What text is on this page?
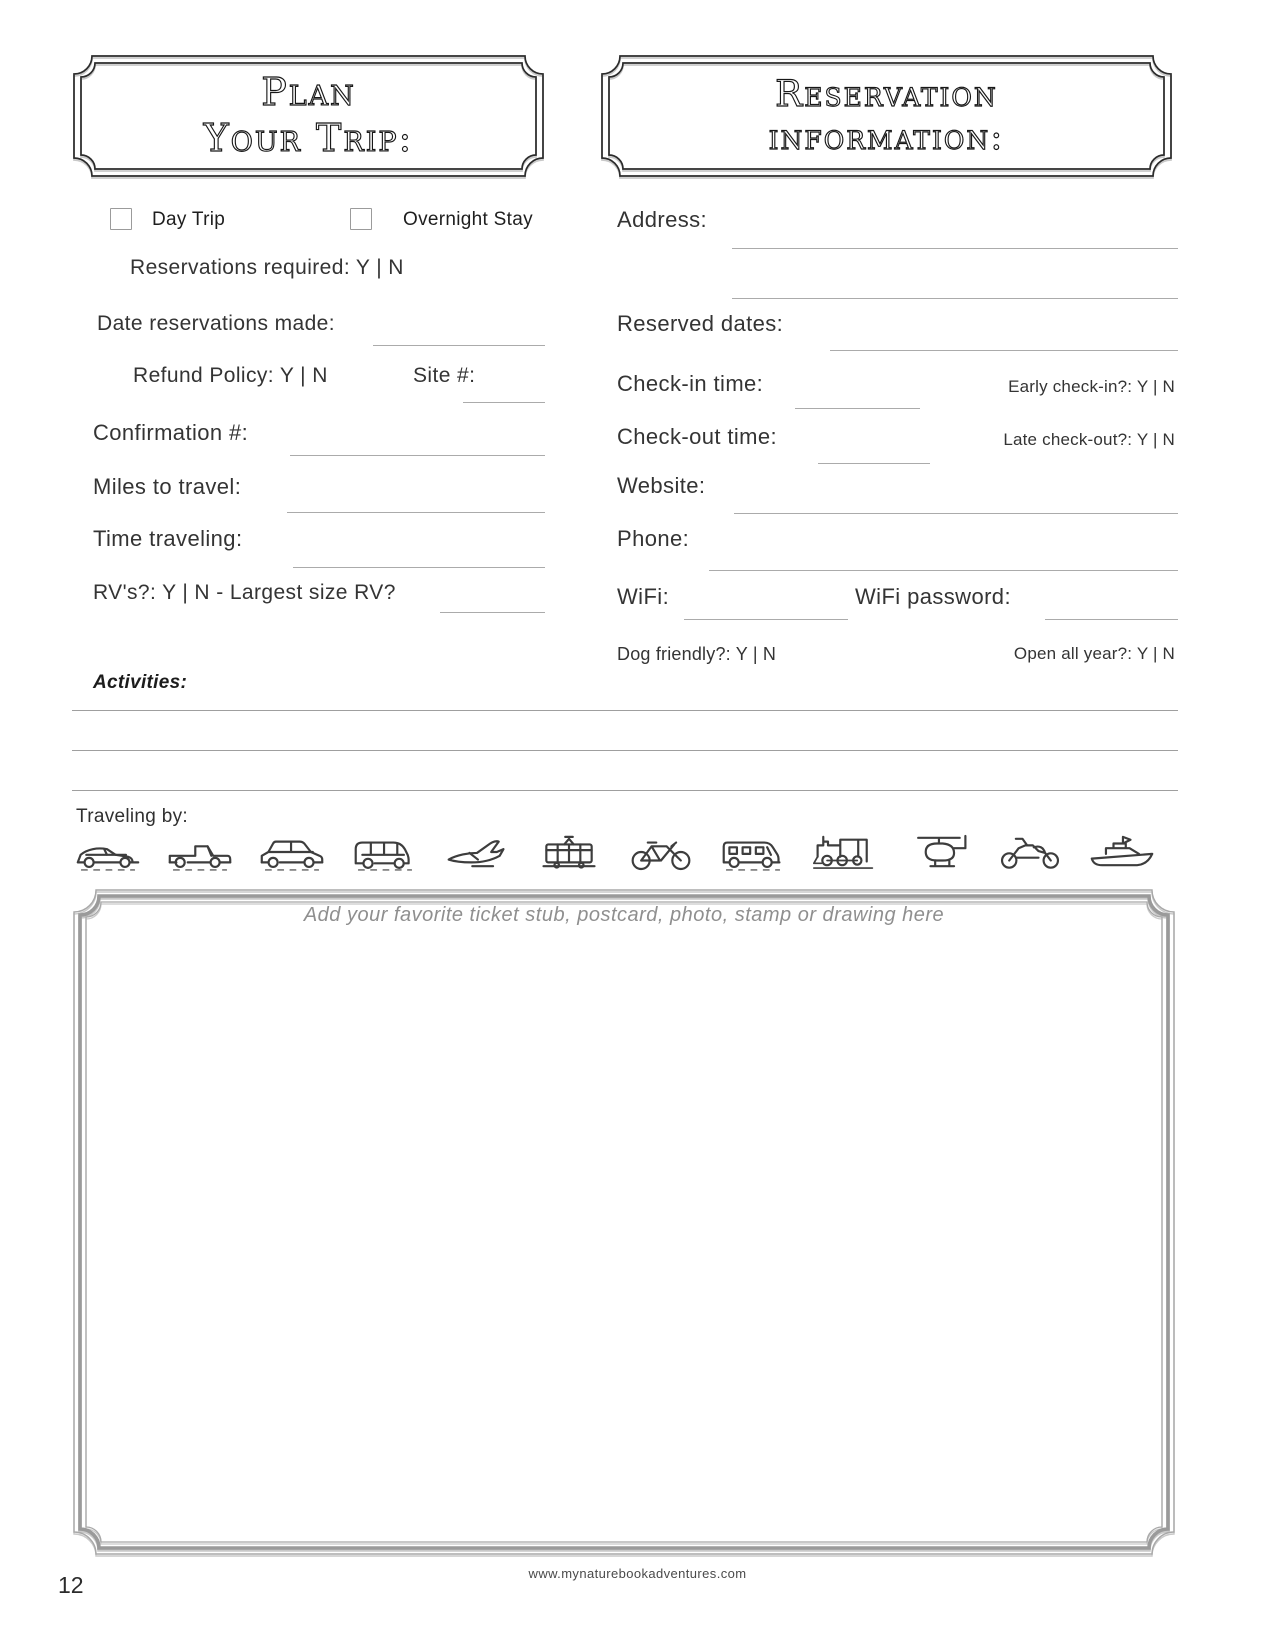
Plan
Your Trip:
Reservation
information:
Day Trip	Overnight Stay
Reservations required: Y | N
Date reservations made:
Refund Policy: Y | N	Site #:
Confirmation #:
Miles to travel:
Time traveling:
RV's?: Y | N - Largest size RV?
Activities:
Address:
Reserved dates:
Check-in time:	Early check-in?: Y | N
Check-out time:	Late check-out?: Y | N
Website:
Phone:
WiFi:	WiFi password:
Dog friendly?: Y | N	Open all year?: Y | N
Traveling by:
Add your favorite ticket stub, postcard, photo, stamp or drawing here
www.mynaturebookadventures.com
12
